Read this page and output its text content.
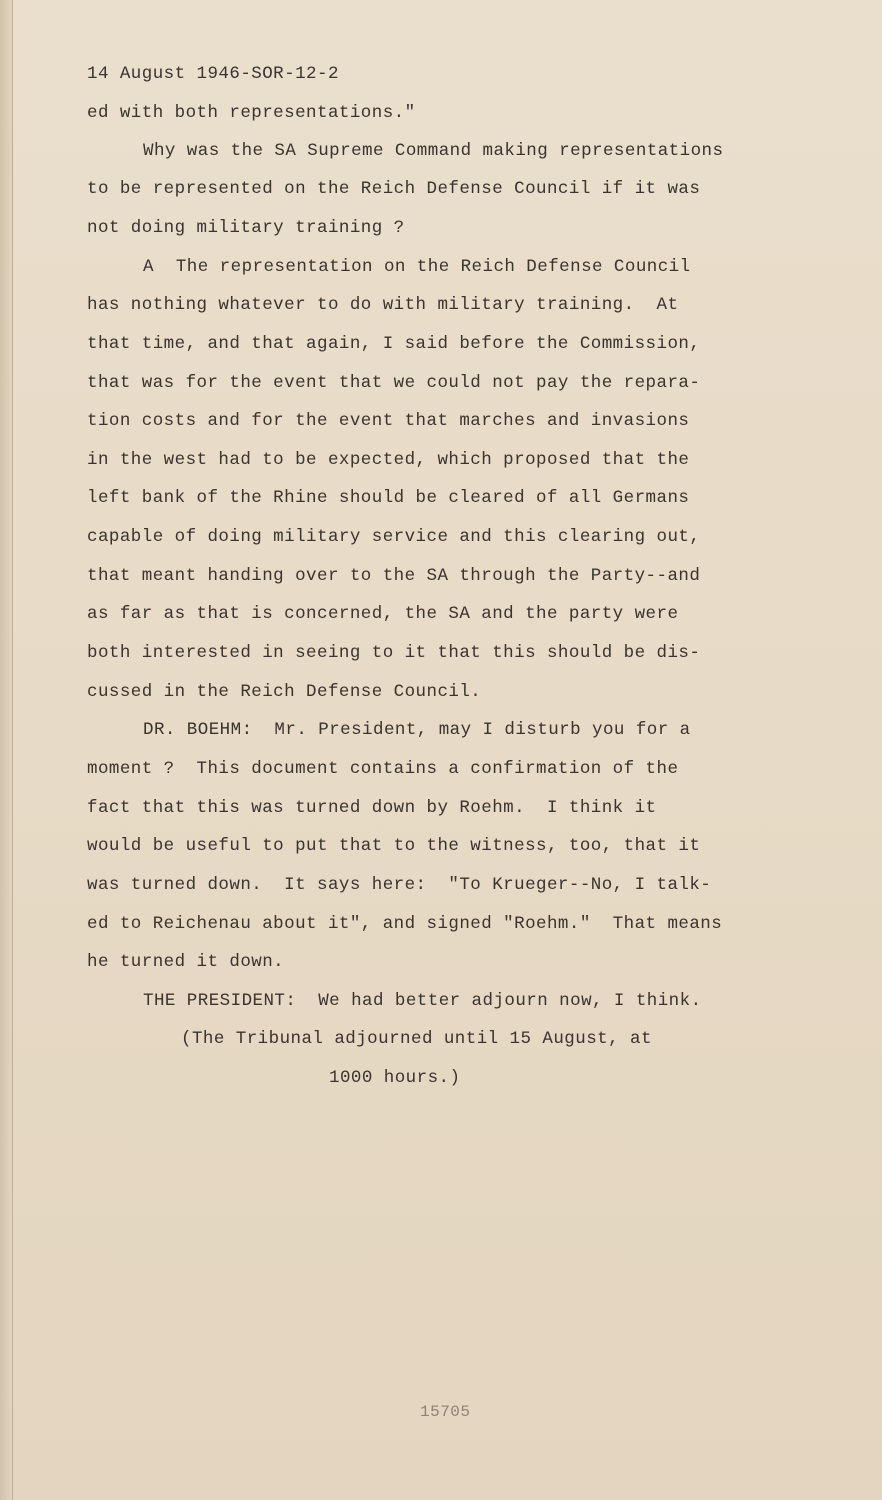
14 August 1946-SOR-12-2
ed with both representations."
Why was the SA Supreme Command making representations
to be represented on the Reich Defense Council if it was
not doing military training ?
A  The representation on the Reich Defense Council
has nothing whatever to do with military training.  At
that time, and that again, I said before the Commission,
that was for the event that we could not pay the repara-
tion costs and for the event that marches and invasions
in the west had to be expected, which proposed that the
left bank of the Rhine should be cleared of all Germans
capable of doing military service and this clearing out,
that meant handing over to the SA through the Party--and
as far as that is concerned, the SA and the party were
both interested in seeing to it that this should be dis-
cussed in the Reich Defense Council.
DR. BOEHM:  Mr. President, may I disturb you for a
moment ?  This document contains a confirmation of the
fact that this was turned down by Roehm.  I think it
would be useful to put that to the witness, too, that it
was turned down.  It says here:  "To Krueger--No, I talk-
ed to Reichenau about it", and signed "Roehm."  That means
he turned it down.
THE PRESIDENT:  We had better adjourn now, I think.
(The Tribunal adjourned until 15 August, at
1000 hours.)
15705
